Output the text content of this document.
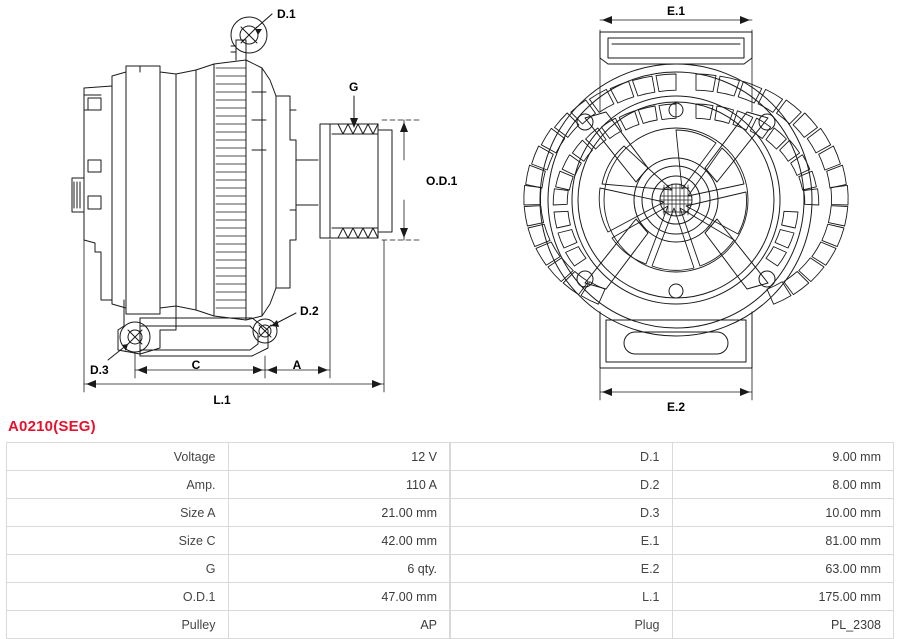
D.1
G
O.D.1
D.2
D.3	C	A
L.1
E.1
E.2
A0210(SEG)
Voltage	12 V
Amp.	110 A
Size A	21.00 mm
Size C	42.00 mm
G	6 qty.
O.D.1	47.00 mm
Pulley	AP
D.1	9.00 mm
D.2	8.00 mm
D.3	10.00 mm
E.1	81.00 mm
E.2	63.00 mm
L.1	175.00 mm
Plug	PL_2308
